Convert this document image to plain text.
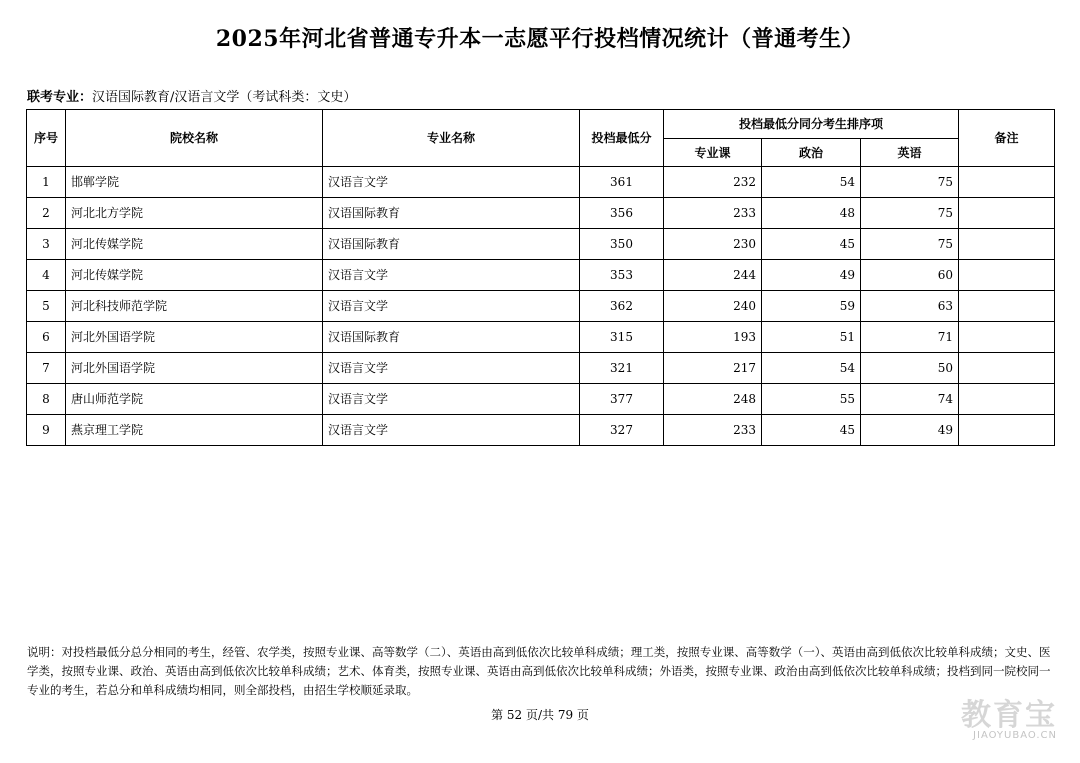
2025年河北省普通专升本一志愿平行投档情况统计（普通考生）
联考专业：汉语国际教育/汉语言文学（考试科类：文史）
序号	院校名称	专业名称	投档最低分	投档最低分同分考生排序项			备注
				专业课	政治	英语	
1	邯郸学院	汉语言文学	361	232	54	75	
2	河北北方学院	汉语国际教育	356	233	48	75	
3	河北传媒学院	汉语国际教育	350	230	45	75	
4	河北传媒学院	汉语言文学	353	244	49	60	
5	河北科技师范学院	汉语言文学	362	240	59	63	
6	河北外国语学院	汉语国际教育	315	193	51	71	
7	河北外国语学院	汉语言文学	321	217	54	50	
8	唐山师范学院	汉语言文学	377	248	55	74	
9	燕京理工学院	汉语言文学	327	233	45	49	
说明：对投档最低分总分相同的考生，经管、农学类，按照专业课、高等数学（二）、英语由高到低依次比较单科成绩；理工类，按照专业课、高等数学（一）、英语由高到低依次比较单科成绩；文史、医学类，按照专业课、政治、英语由高到低依次比较单科成绩；艺术、体育类，按照专业课、英语由高到低依次比较单科成绩；外语类，按照专业课、政治由高到低依次比较单科成绩；投档到同一院校同一专业的考生，若总分和单科成绩均相同，则全部投档，由招生学校顺延录取。
第 52 页/共 79 页	教育宝
JIAOYUBAO.CN
